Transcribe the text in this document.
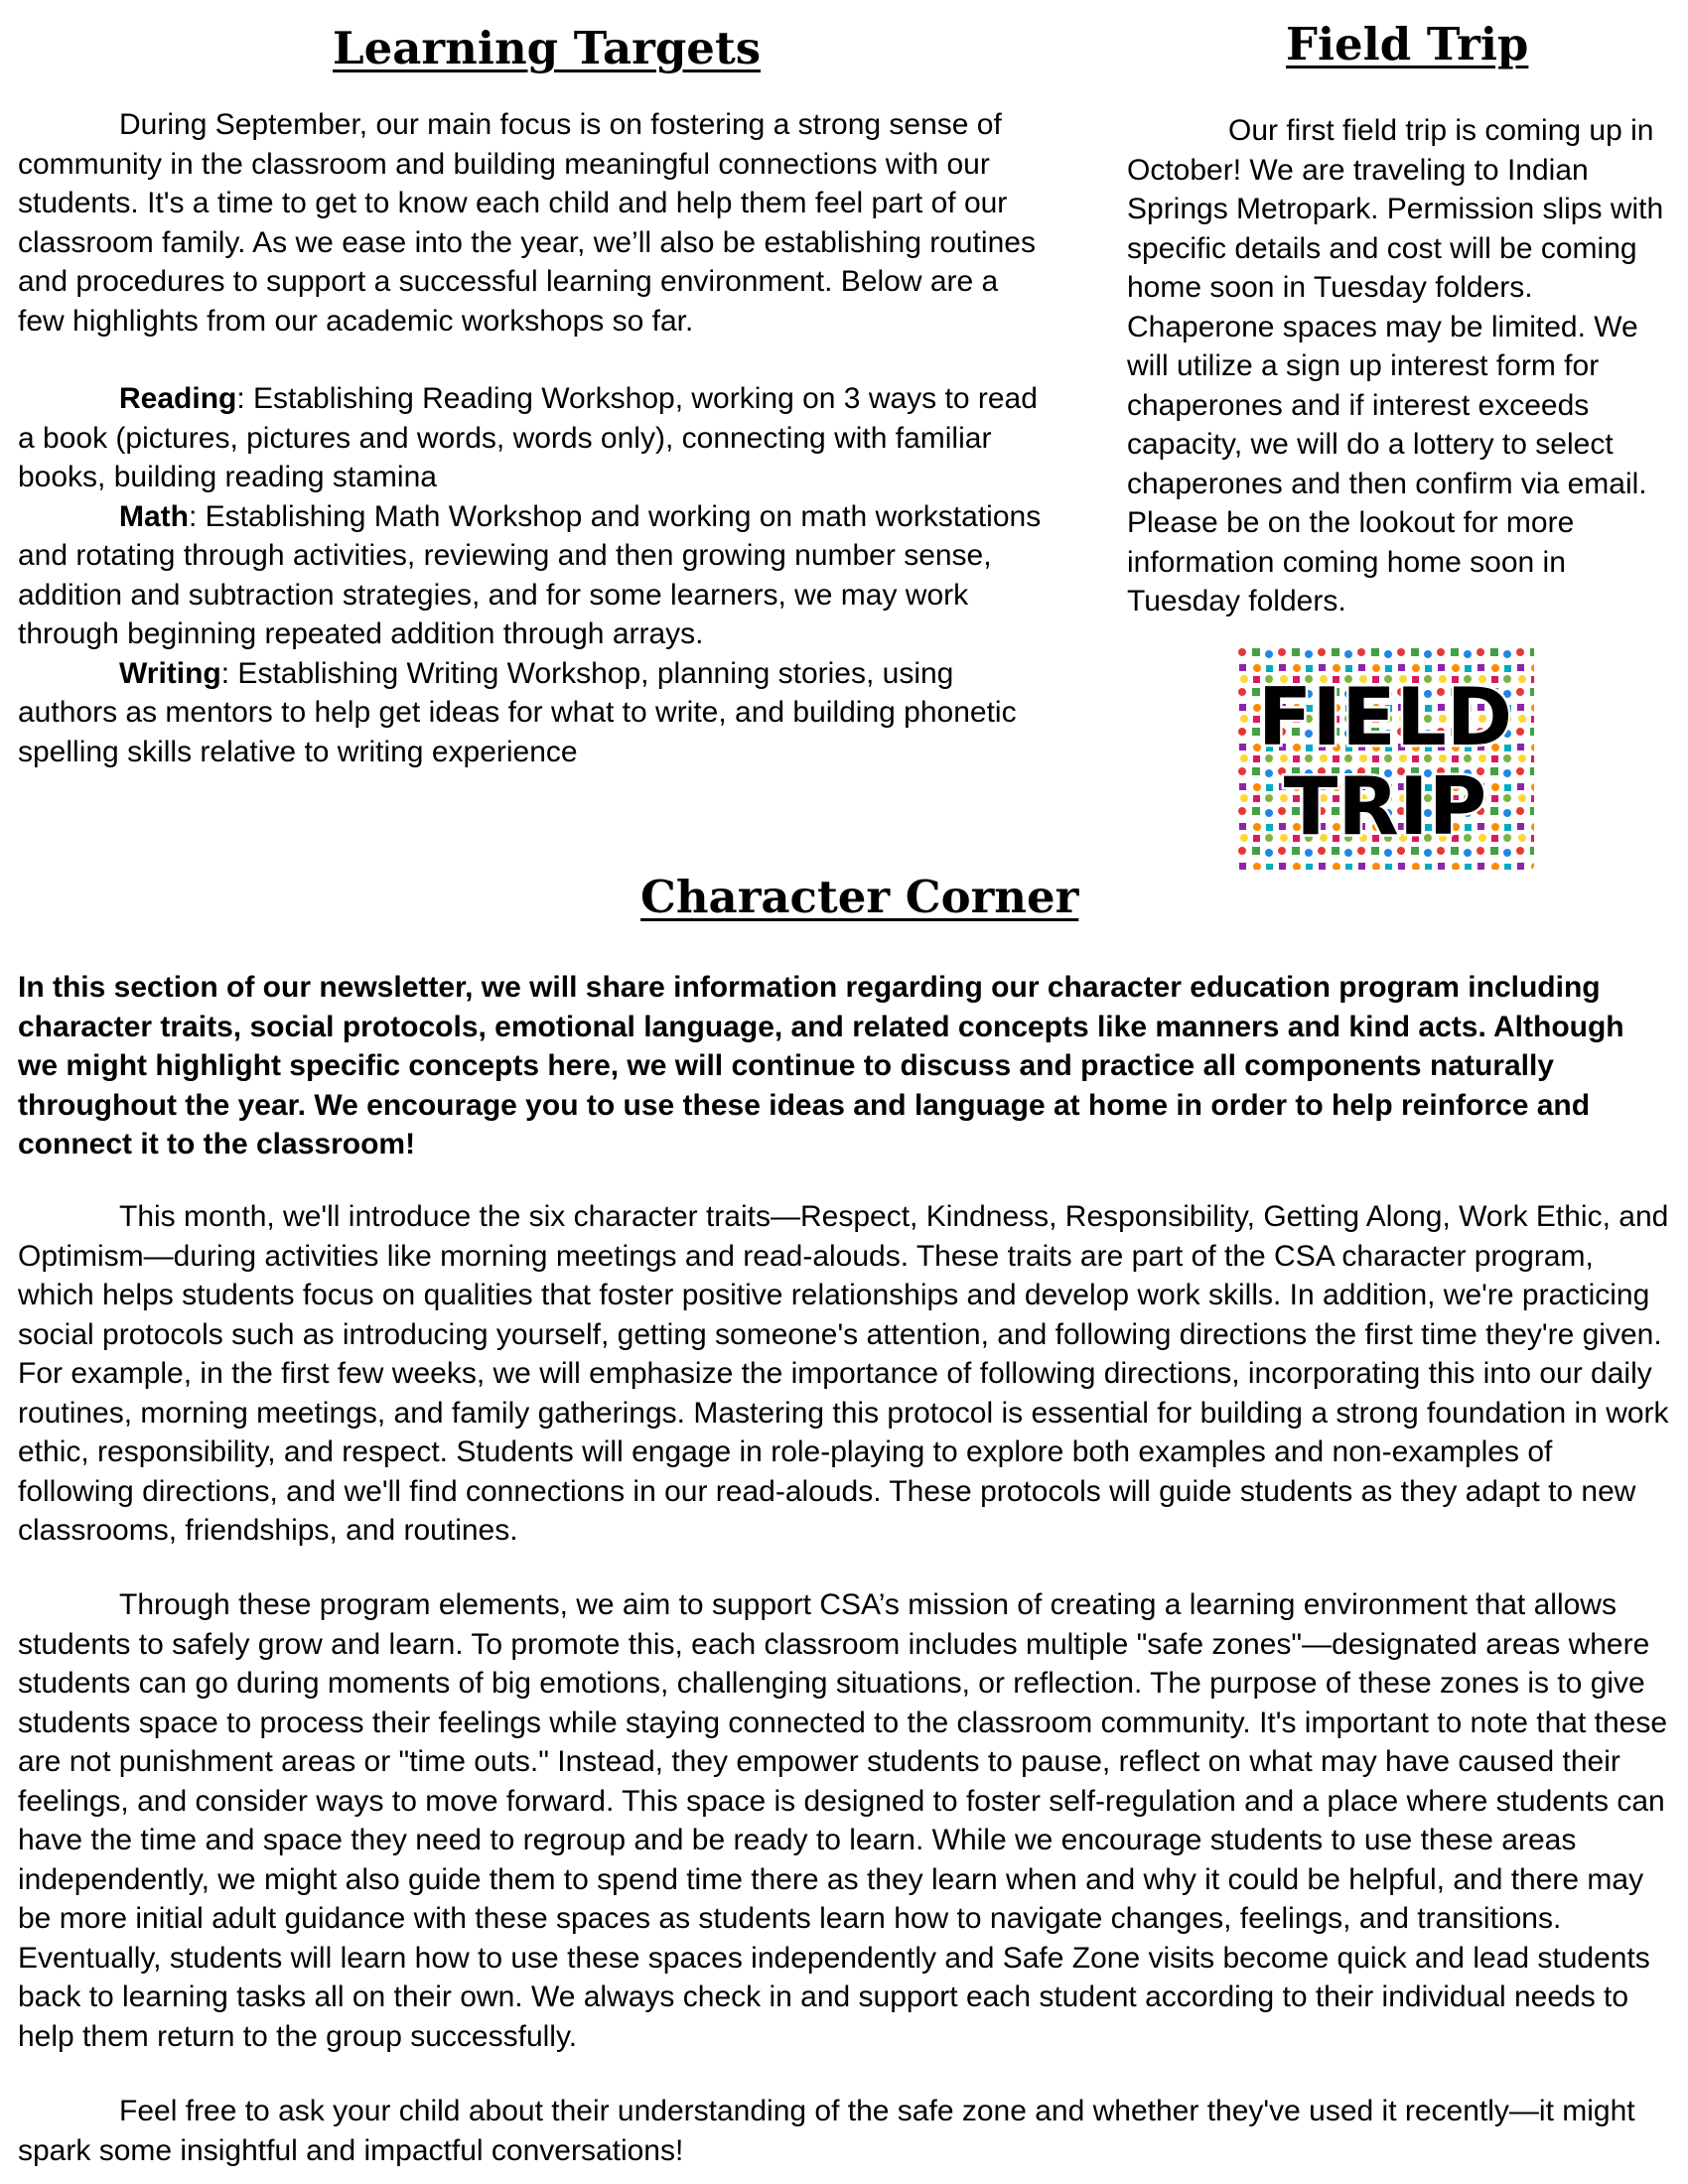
Learning Targets

During September, our main focus is on fostering a strong sense of community in the classroom and building meaningful connections with our students. It's a time to get to know each child and help them feel part of our classroom family. As we ease into the year, we’ll also be establishing routines and procedures to support a successful learning environment. Below are a few highlights from our academic workshops so far.

Reading: Establishing Reading Workshop, working on 3 ways to read a book (pictures, pictures and words, words only), connecting with familiar books, building reading stamina

Math: Establishing Math Workshop and working on math workstations and rotating through activities, reviewing and then growing number sense, addition and subtraction strategies, and for some learners, we may work through beginning repeated addition through arrays.

Writing: Establishing Writing Workshop, planning stories, using authors as mentors to help get ideas for what to write, and building phonetic spelling skills relative to writing experience

Field Trip

Our first field trip is coming up in October! We are traveling to Indian Springs Metropark. Permission slips with specific details and cost will be coming home soon in Tuesday folders. Chaperone spaces may be limited. We will utilize a sign up interest form for chaperones and if interest exceeds capacity, we will do a lottery to select chaperones and then confirm via email. Please be on the lookout for more information coming home soon in Tuesday folders.

FIELD
TRIP
Character Corner

In this section of our newsletter, we will share information regarding our character education program including character traits, social protocols, emotional language, and related concepts like manners and kind acts. Although we might highlight specific concepts here, we will continue to discuss and practice all components naturally throughout the year. We encourage you to use these ideas and language at home in order to help reinforce and connect it to the classroom!

This month, we'll introduce the six character traits—Respect, Kindness, Responsibility, Getting Along, Work Ethic, and Optimism—during activities like morning meetings and read-alouds. These traits are part of the CSA character program, which helps students focus on qualities that foster positive relationships and develop work skills. In addition, we're practicing social protocols such as introducing yourself, getting someone's attention, and following directions the first time they're given. For example, in the first few weeks, we will emphasize the importance of following directions, incorporating this into our daily routines, morning meetings, and family gatherings. Mastering this protocol is essential for building a strong foundation in work ethic, responsibility, and respect. Students will engage in role-playing to explore both examples and non-examples of following directions, and we'll find connections in our read-alouds. These protocols will guide students as they adapt to new classrooms, friendships, and routines.

Through these program elements, we aim to support CSA’s mission of creating a learning environment that allows students to safely grow and learn. To promote this, each classroom includes multiple "safe zones"—designated areas where students can go during moments of big emotions, challenging situations, or reflection. The purpose of these zones is to give students space to process their feelings while staying connected to the classroom community. It's important to note that these are not punishment areas or "time outs." Instead, they empower students to pause, reflect on what may have caused their feelings, and consider ways to move forward. This space is designed to foster self-regulation and a place where students can have the time and space they need to regroup and be ready to learn. While we encourage students to use these areas independently, we might also guide them to spend time there as they learn when and why it could be helpful, and there may be more initial adult guidance with these spaces as students learn how to navigate changes, feelings, and transitions. Eventually, students will learn how to use these spaces independently and Safe Zone visits become quick and lead students back to learning tasks all on their own. We always check in and support each student according to their individual needs to help them return to the group successfully.

Feel free to ask your child about their understanding of the safe zone and whether they've used it recently—it might spark some insightful and impactful conversations!
